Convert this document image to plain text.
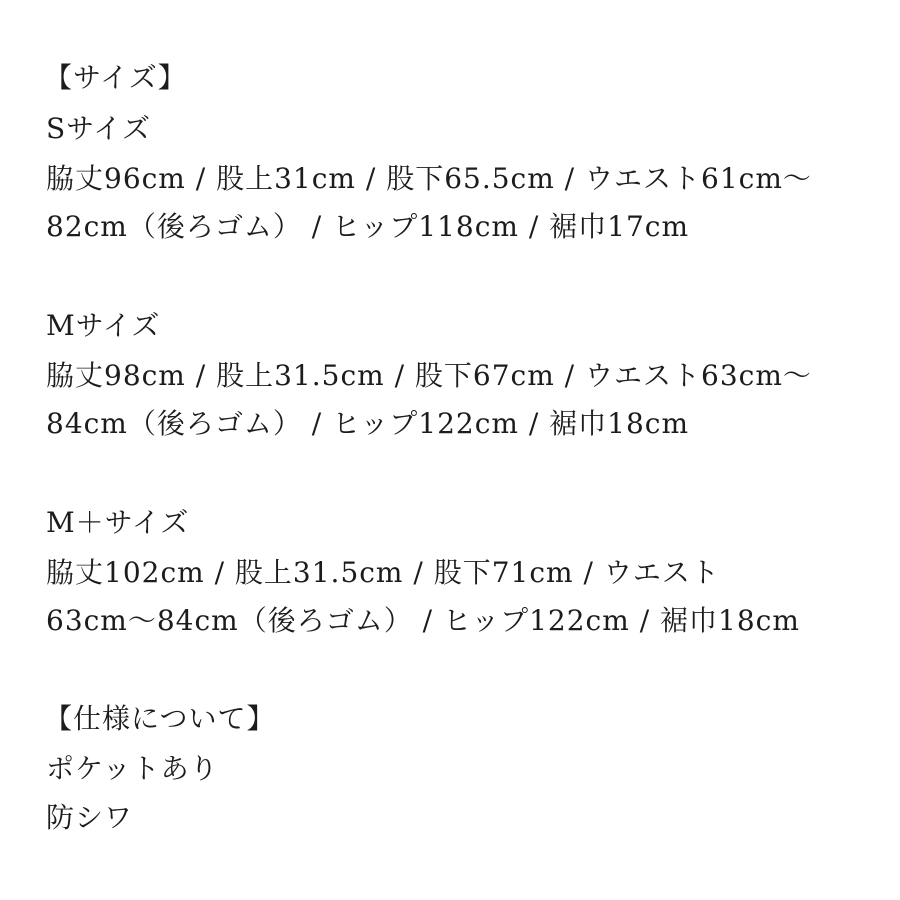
【サイズ】
Sサイズ
脇丈96cm / 股上31cm / 股下65.5cm / ウエスト61cm〜
82cm（後ろゴム） / ヒップ118cm / 裾巾17cm
Mサイズ
脇丈98cm / 股上31.5cm / 股下67cm / ウエスト63cm〜
84cm（後ろゴム） / ヒップ122cm / 裾巾18cm
M＋サイズ
脇丈102cm / 股上31.5cm / 股下71cm / ウエスト
63cm〜84cm（後ろゴム） / ヒップ122cm / 裾巾18cm
【仕様について】
ポケットあり
防シワ
